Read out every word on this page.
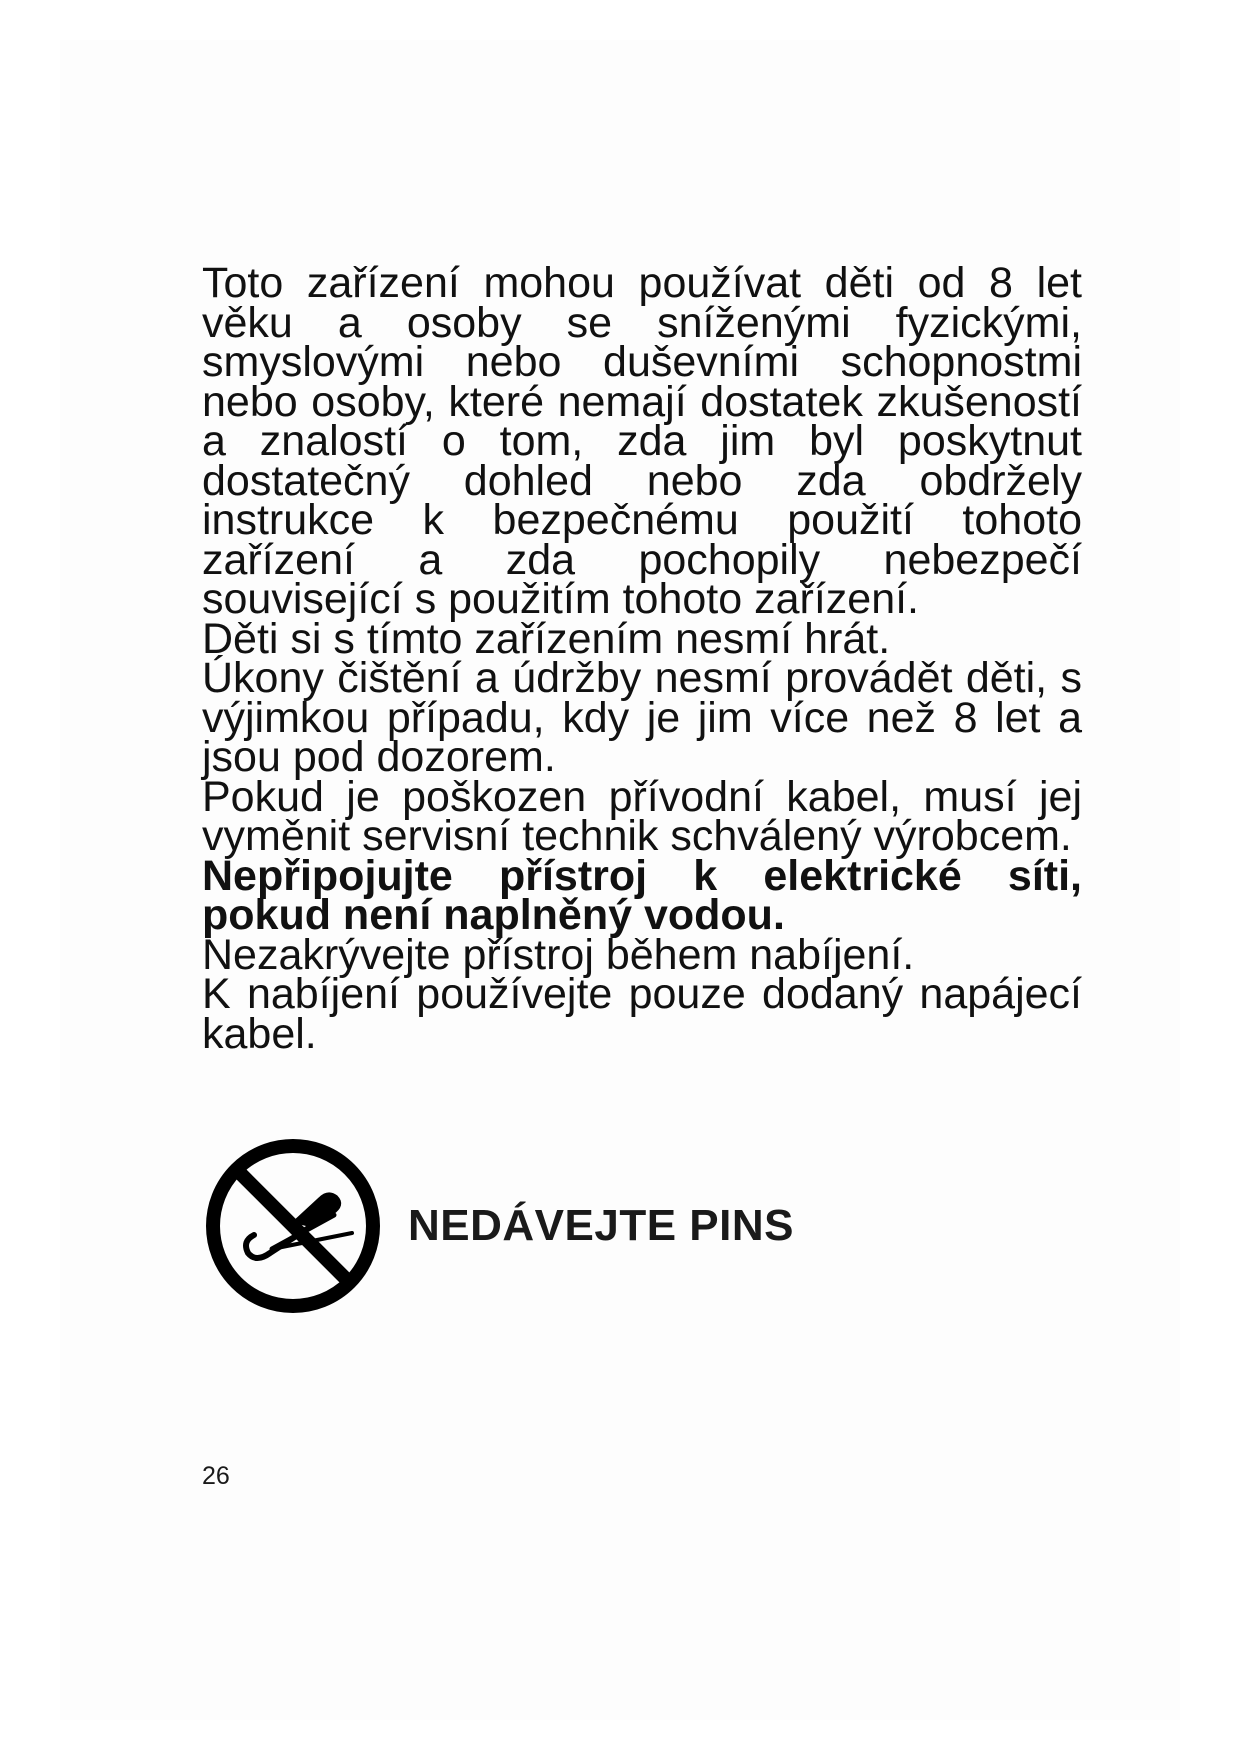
Toto zařízení mohou používat děti od 8 let věku a osoby se sníženými fyzickými, smyslovými nebo duševními schopnostmi nebo osoby, které nemají dostatek zkušeností a znalostí o tom, zda jim byl poskytnut dostatečný dohled nebo zda obdržely instrukce k bezpečnému použití tohoto zařízení a zda pochopily nebezpečí související s použitím tohoto zařízení.

Děti si s tímto zařízením nesmí hrát.

Úkony čištění a údržby nesmí provádět děti, s výjimkou případu, kdy je jim více než 8 let a jsou pod dozorem.

Pokud je poškozen přívodní kabel, musí jej vyměnit servisní technik schválený výrobcem.

Nepřipojujte přístroj k elektrické síti, pokud není naplněný vodou.

Nezakrývejte přístroj během nabíjení.

K nabíjení používejte pouze dodaný napájecí kabel.

NEDÁVEJTE PINS
26
